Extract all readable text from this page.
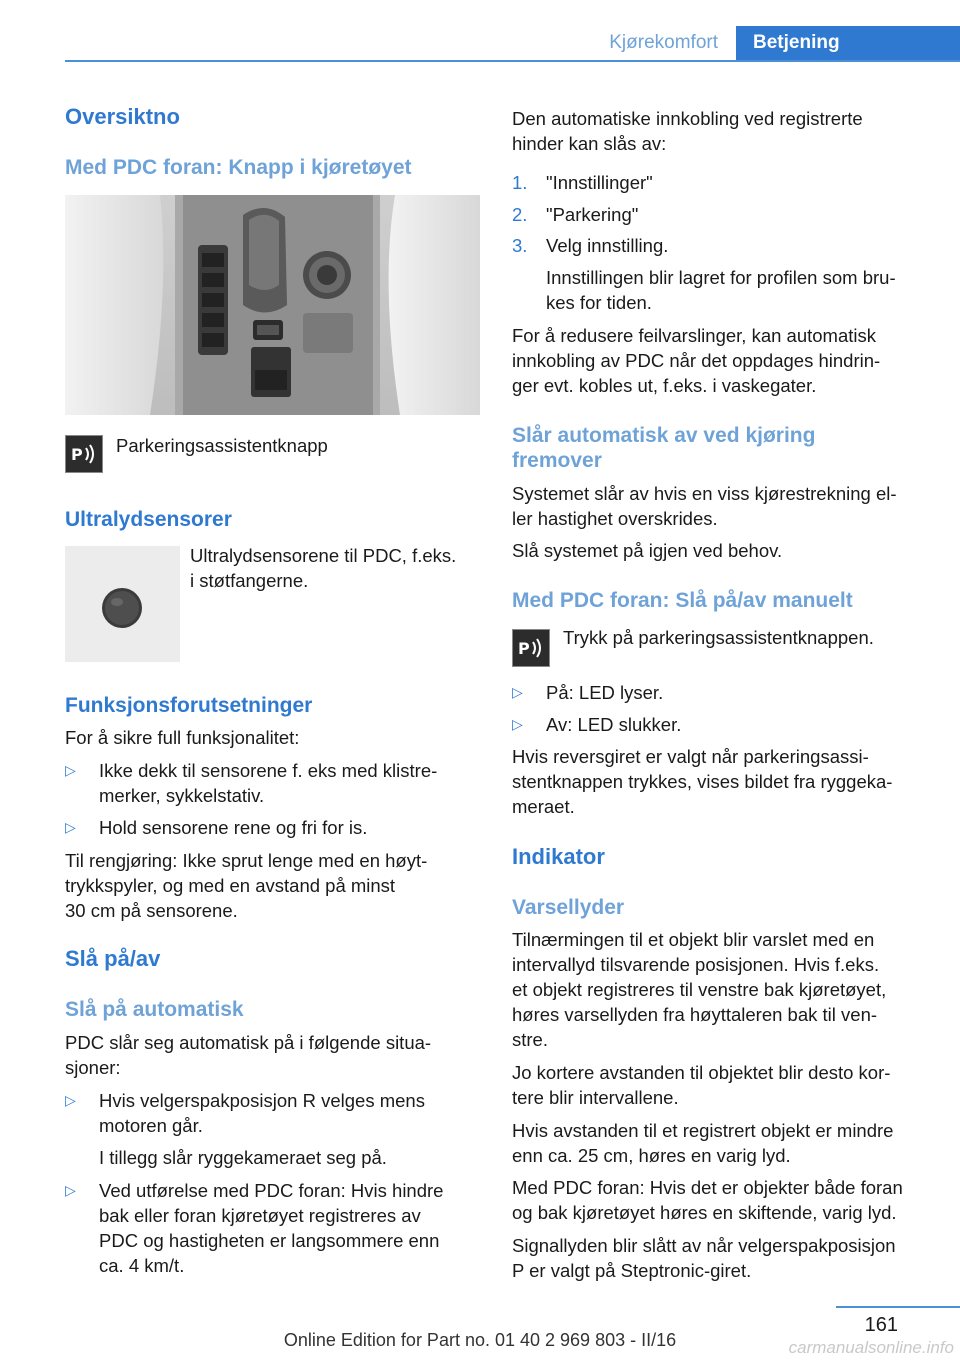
Kjørekomfort	Betjening
Oversiktno
Med PDC foran: Knapp i kjøretøyet
P Parkeringsassistentknapp
Ultralydsensorer
Ultralydsensorene til PDC, f.eks.
i støtfangerne.
Funksjonsforutsetninger
For å sikre full funksjonalitet:
▷ Ikke dekk til sensorene f. eks med klistre-
merker, sykkelstativ.
▷ Hold sensorene rene og fri for is.
Til rengjøring: Ikke sprut lenge med en høyt-
trykkspyler, og med en avstand på minst
30 cm på sensorene.
Slå på/av
Slå på automatisk
PDC slår seg automatisk på i følgende situa-
sjoner:
▷ Hvis velgerspakposisjon R velges mens
motoren går.
I tillegg slår ryggekameraet seg på.
▷ Ved utførelse med PDC foran: Hvis hindre
bak eller foran kjøretøyet registreres av
PDC og hastigheten er langsommere enn
ca. 4 km/t.
Den automatiske innkobling ved registrerte
hinder kan slås av:
1. "Innstillinger"
2. "Parkering"
3. Velg innstilling.
Innstillingen blir lagret for profilen som bru-
kes for tiden.
For å redusere feilvarslinger, kan automatisk
innkobling av PDC når det oppdages hindrin-
ger evt. kobles ut, f.eks. i vaskegater.
Slår automatisk av ved kjøring
fremover
Systemet slår av hvis en viss kjørestrekning el-
ler hastighet overskrides.
Slå systemet på igjen ved behov.
Med PDC foran: Slå på/av manuelt
P
Trykk på parkeringsassistentknappen.
▷ På: LED lyser.
▷ Av: LED slukker.
Hvis reversgiret er valgt når parkeringsassi-
stentknappen trykkes, vises bildet fra ryggeka-
meraet.
Indikator
Varsellyder
Tilnærmingen til et objekt blir varslet med en
intervallyd tilsvarende posisjonen. Hvis f.eks.
et objekt registreres til venstre bak kjøretøyet,
høres varsellyden fra høyttaleren bak til ven-
stre.
Jo kortere avstanden til objektet blir desto kor-
tere blir intervallene.
Hvis avstanden til et registrert objekt er mindre
enn ca. 25 cm, høres en varig lyd.
Med PDC foran: Hvis det er objekter både foran
og bak kjøretøyet høres en skiftende, varig lyd.
Signallyden blir slått av når velgerspakposisjon
P er valgt på Steptronic-giret.
161
Online Edition for Part no. 01 40 2 969 803 - II/16	carmanualsonline.info
